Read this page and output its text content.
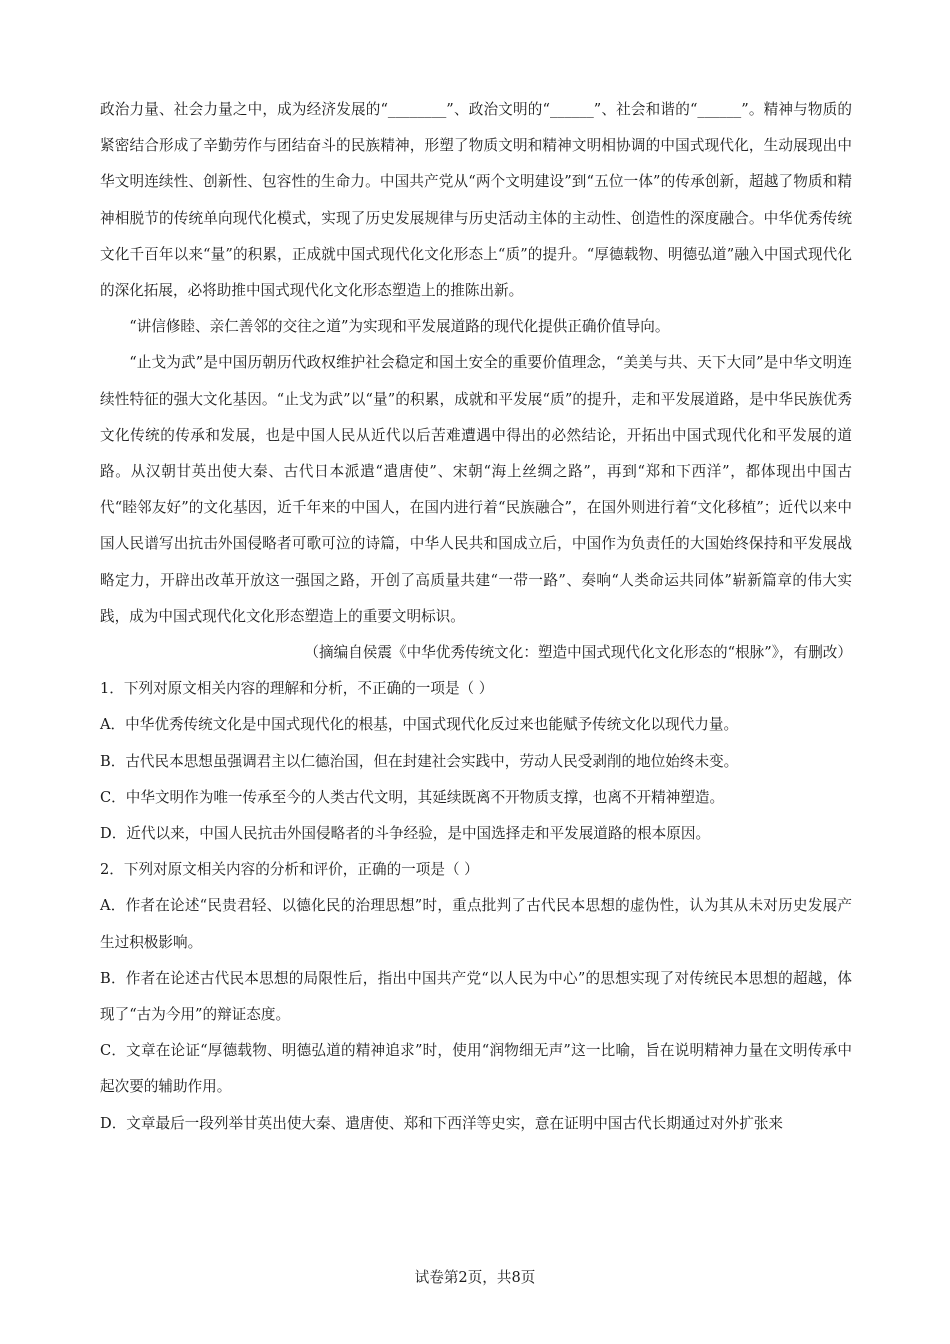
政治力量、社会力量之中，成为经济发展的“________”、政治文明的“______”、社会和谐的“______”。精神与物质的紧密结合形成了辛勤劳作与团结奋斗的民族精神，形塑了物质文明和精神文明相协调的中国式现代化，生动展现出中华文明连续性、创新性、包容性的生命力。中国共产党从“两个文明建设”到“五位一体”的传承创新，超越了物质和精神相脱节的传统单向现代化模式，实现了历史发展规律与历史活动主体的主动性、创造性的深度融合。中华优秀传统文化千百年以来“量”的积累，正成就中国式现代化文化形态上“质”的提升。“厚德载物、明德弘道”融入中国式现代化的深化拓展，必将助推中国式现代化文化形态塑造上的推陈出新。

“讲信修睦、亲仁善邻的交往之道”为实现和平发展道路的现代化提供正确价值导向。

“止戈为武”是中国历朝历代政权维护社会稳定和国土安全的重要价值理念，“美美与共、天下大同”是中华文明连续性特征的强大文化基因。“止戈为武”以“量”的积累，成就和平发展“质”的提升，走和平发展道路，是中华民族优秀文化传统的传承和发展，也是中国人民从近代以后苦难遭遇中得出的必然结论，开拓出中国式现代化和平发展的道路。从汉朝甘英出使大秦、古代日本派遣“遣唐使”、宋朝“海上丝绸之路”，再到“郑和下西洋”，都体现出中国古代“睦邻友好”的文化基因，近千年来的中国人，在国内进行着“民族融合”，在国外则进行着“文化移植”；近代以来中国人民谱写出抗击外国侵略者可歌可泣的诗篇，中华人民共和国成立后，中国作为负责任的大国始终保持和平发展战略定力，开辟出改革开放这一强国之路，开创了高质量共建“一带一路”、奏响“人类命运共同体”崭新篇章的伟大实践，成为中国式现代化文化形态塑造上的重要文明标识。

（摘编自侯震《中华优秀传统文化：塑造中国式现代化文化形态的“根脉”》，有删改）

1．下列对原文相关内容的理解和分析，不正确的一项是（ ）

A．中华优秀传统文化是中国式现代化的根基，中国式现代化反过来也能赋予传统文化以现代力量。

B．古代民本思想虽强调君主以仁德治国，但在封建社会实践中，劳动人民受剥削的地位始终未变。

C．中华文明作为唯一传承至今的人类古代文明，其延续既离不开物质支撑，也离不开精神塑造。

D．近代以来，中国人民抗击外国侵略者的斗争经验，是中国选择走和平发展道路的根本原因。

2．下列对原文相关内容的分析和评价，正确的一项是（ ）

A．作者在论述“民贵君轻、以德化民的治理思想”时，重点批判了古代民本思想的虚伪性，认为其从未对历史发展产生过积极影响。

B．作者在论述古代民本思想的局限性后，指出中国共产党“以人民为中心”的思想实现了对传统民本思想的超越，体现了“古为今用”的辩证态度。

C．文章在论证“厚德载物、明德弘道的精神追求”时，使用“润物细无声”这一比喻，旨在说明精神力量在文明传承中起次要的辅助作用。

D．文章最后一段列举甘英出使大秦、遣唐使、郑和下西洋等史实，意在证明中国古代长期通过对外扩张来

试卷第2页，共8页
